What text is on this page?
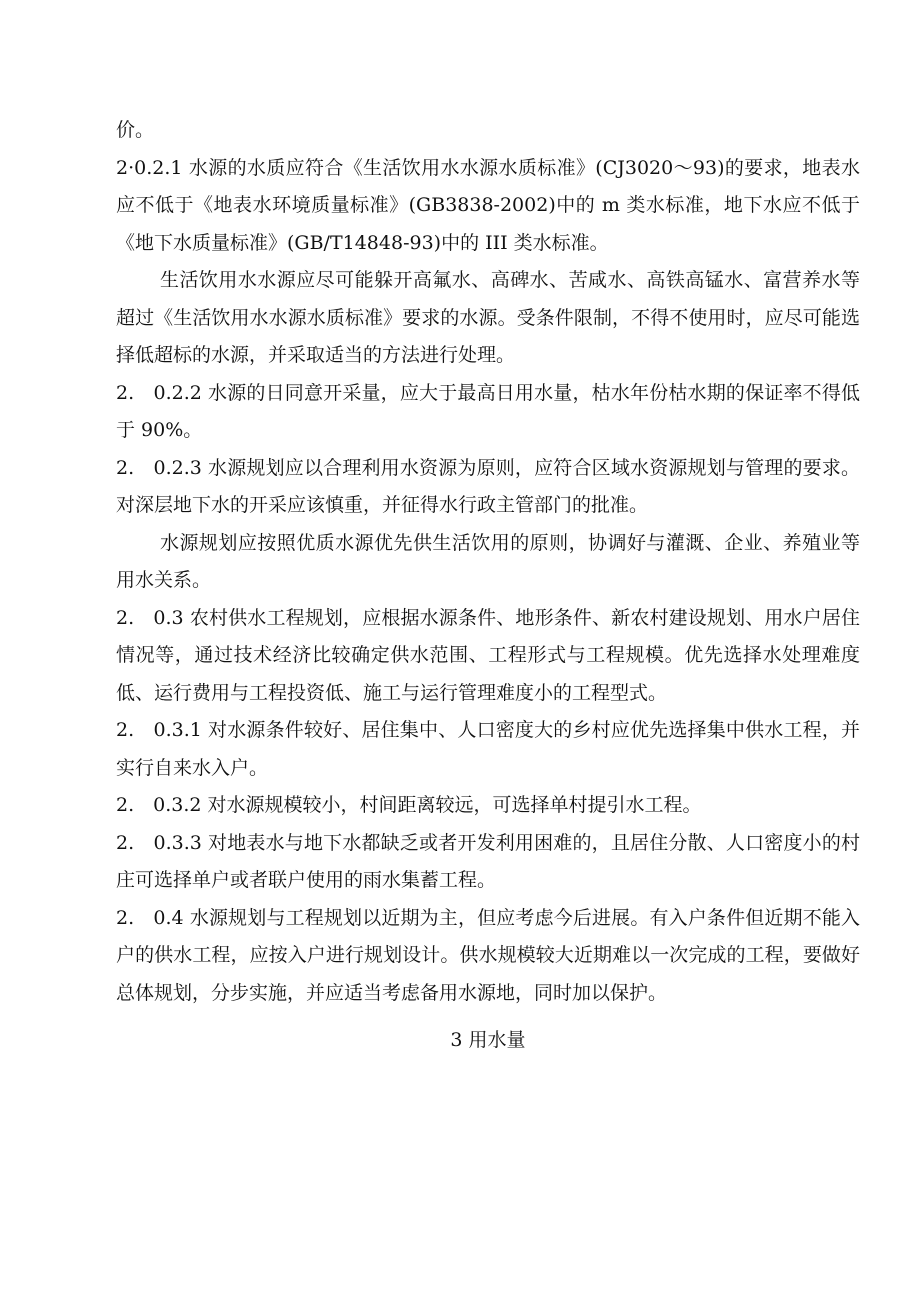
价。

2·0.2.1 水源的水质应符合《生活饮用水水源水质标准》(CJ3020～93)的要求，地表水应不低于《地表水环境质量标准》(GB3838-2002)中的 m 类水标准，地下水应不低于《地下水质量标准》(GB/T14848-93)中的 III 类水标准。

生活饮用水水源应尽可能躲开高氟水、高碑水、苦咸水、高铁高锰水、富营养水等超过《生活饮用水水源水质标准》要求的水源。受条件限制，不得不使用时，应尽可能选择低超标的水源，并采取适当的方法进行处理。

2.　0.2.2 水源的日同意开采量，应大于最高日用水量，枯水年份枯水期的保证率不得低于 90%。

2.　0.2.3 水源规划应以合理利用水资源为原则，应符合区域水资源规划与管理的要求。对深层地下水的开采应该慎重，并征得水行政主管部门的批准。

水源规划应按照优质水源优先供生活饮用的原则，协调好与灌溉、企业、养殖业等用水关系。

2.　0.3 农村供水工程规划，应根据水源条件、地形条件、新农村建设规划、用水户居住情况等，通过技术经济比较确定供水范围、工程形式与工程规模。优先选择水处理难度低、运行费用与工程投资低、施工与运行管理难度小的工程型式。

2.　0.3.1 对水源条件较好、居住集中、人口密度大的乡村应优先选择集中供水工程，并实行自来水入户。

2.　0.3.2 对水源规模较小，村间距离较远，可选择单村提引水工程。

2.　0.3.3 对地表水与地下水都缺乏或者开发利用困难的，且居住分散、人口密度小的村庄可选择单户或者联户使用的雨水集蓄工程。

2.　0.4 水源规划与工程规划以近期为主，但应考虑今后进展。有入户条件但近期不能入户的供水工程，应按入户进行规划设计。供水规模较大近期难以一次完成的工程，要做好总体规划，分步实施，并应适当考虑备用水源地，同时加以保护。

3 用水量
